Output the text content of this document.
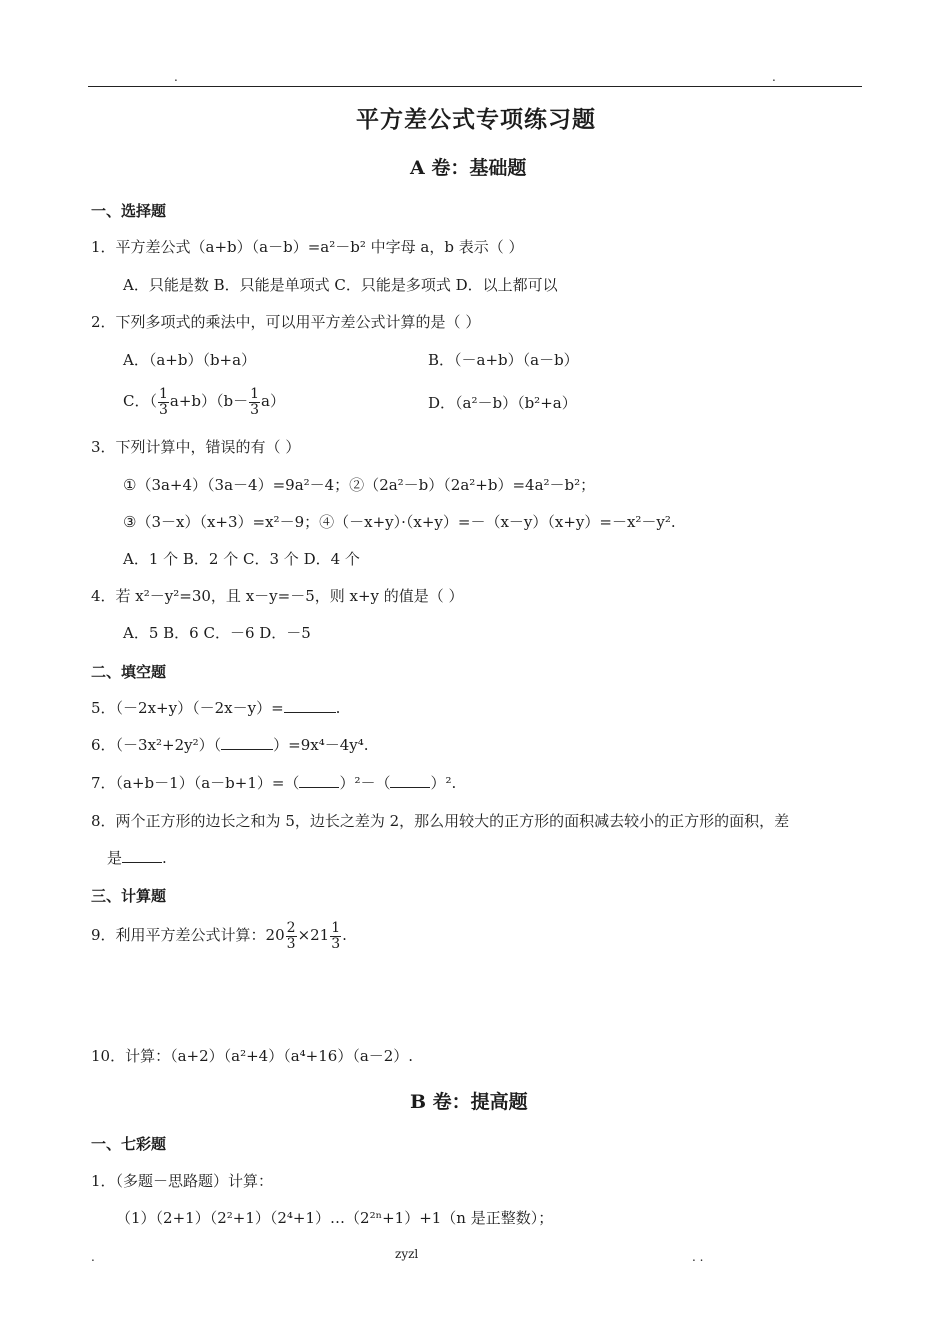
.	.
平方差公式专项练习题
A 卷：基础题
一、选择题
1．平方差公式（a+b）（a－b）=a²－b² 中字母 a，b 表示（ ）
A．只能是数 B．只能是单项式 C．只能是多项式 D．以上都可以
2．下列多项式的乘法中，可以用平方差公式计算的是（ ）
A．（a+b）（b+a）	B．（－a+b）（a－b）
C．（ $\frac{1}{3} a+b)(b- \frac{1}{3} a)$	D．（a²－b）（b²+a）
3．下列计算中，错误的有（ ）
①（3a+4）（3a－4）=9a²－4；②（2a²－b）（2a²+b）=4a²－b²；
③（3－x）（x+3）=x²－9；④（－x+y）·（x+y）=－（x－y）（x+y）=－x²－y².
A．1 个 B．2 个 C．3 个 D．4 个
4．若 x²－y²=30，且 x－y=－5，则 x+y 的值是（ ）
A．5 B．6 C．－6 D．－5
二、填空题
5．（－2x+y）（－2x－y）=	.
6．（－3x²+2y²）（	）=9x⁴－4y⁴.
7．（a+b－1）（a－b+1）=（	）²－（	）².
8．两个正方形的边长之和为 5，边长之差为 2，那么用较大的正方形的面积减去较小的正方形的面积，差
是	.
三、计算题
9．利用平方差公式计算：$20 \frac{2}{3} \times 21 \frac{1}{3}$ .
10．计算：（a+2）（a²+4）（a⁴+16）（a－2）.
B 卷：提高题
一、七彩题
1．（多题－思路题）计算：
（1）（2+1）（2²+1）（2⁴+1）…（2²ⁿ+1）+1（n 是正整数）；
.	zyzl	. .
